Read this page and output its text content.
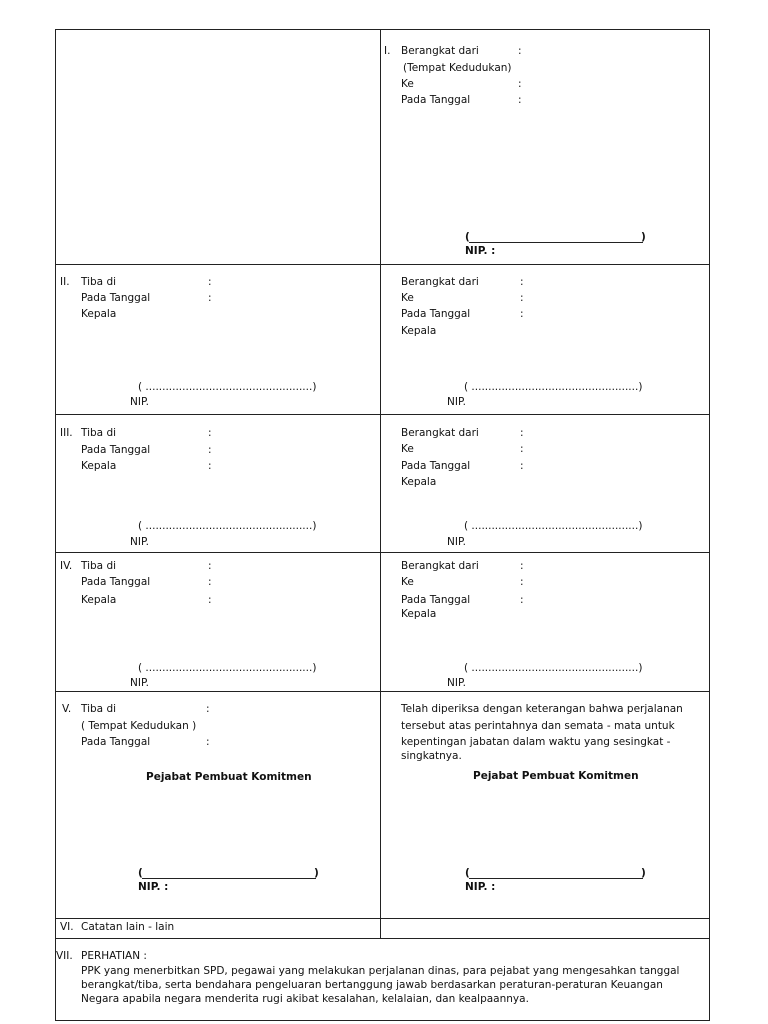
I. Berangkat dari	:
(Tempat Kedudukan)
Ke	:
Pada Tanggal	:
(	)
NIP. :
II. Tiba di	:
Pada Tanggal	:
Kepala
( ..................................................)
NIP.
Berangkat dari	:
Ke	:
Pada Tanggal	:
Kepala
( ..................................................)
NIP.
III. Tiba di	:
Pada Tanggal	:
Kepala	:
( ..................................................)
NIP.
Berangkat dari	:
Ke	:
Pada Tanggal	:
Kepala
( ..................................................)
NIP.
IV. Tiba di	:
Pada Tanggal	:
Kepala	:
( ..................................................)
NIP.
Berangkat dari	:
Ke	:
Pada Tanggal	:
Kepala
( ..................................................)
NIP.
V. Tiba di	:
( Tempat Kedudukan )
Pada Tanggal	:
Pejabat Pembuat Komitmen
(	)
NIP. :
Telah diperiksa dengan keterangan bahwa perjalanan
tersebut atas perintahnya dan semata - mata untuk
kepentingan jabatan dalam waktu yang sesingkat -
singkatnya.
Pejabat Pembuat Komitmen
(	)
NIP. :
VI. Catatan lain - lain
VII. PERHATIAN :
PPK yang menerbitkan SPD, pegawai yang melakukan perjalanan dinas, para pejabat yang mengesahkan tanggal
berangkat/tiba, serta bendahara pengeluaran bertanggung jawab berdasarkan peraturan-peraturan Keuangan
Negara apabila negara menderita rugi akibat kesalahan, kelalaian, dan kealpaannya.
